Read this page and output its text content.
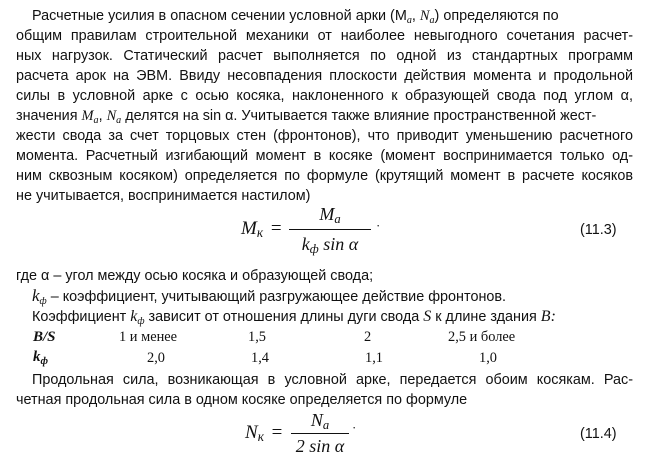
Расчетные усилия в опасном сечении условной арки ($M_a$, $N_a$) определяются по
общим правилам строительной механики от наиболее невыгодного сочетания расчет-
ных нагрузок. Статический расчет выполняется по одной из стандартных программ
расчета арок на ЭВМ. Ввиду несовпадения плоскости действия момента и продольной
силы в условной арке с осью косяка, наклоненного к образующей свода под углом α,
значения $M_a$, $N_a$ делятся на sin α. Учитывается также влияние пространственной жест-
жести свода за счет торцовых стен (фронтонов), что приводит уменьшению расчетного
момента. Расчетный изгибающий момент в косяке (момент воспринимается только од-
ним сквозным косяком) определяется по формуле (крутящий момент в расчете косяков
не учитывается, воспринимается настилом)
$M_к$ =
$M_a$
$k_ф$ sin α
·	(11.3)
где α – угол между осью косяка и образующей свода;
$k_ф$ – коэффициент, учитывающий разгружающее действие фронтонов.
Коэффициент $k_ф$ зависит от отношения длины дуги свода S к длине здания B:
B/S	1 и менее	1,5	2	2,5 и более
$k_ф$	2,0	1,4	1,1	1,0
Продольная сила, возникающая в условной арке, передается обоим косякам. Рас-
четная продольная сила в одном косяке определяется по формуле
$N_к$ =
$N_a$
2 sin α
·	(11.4)
